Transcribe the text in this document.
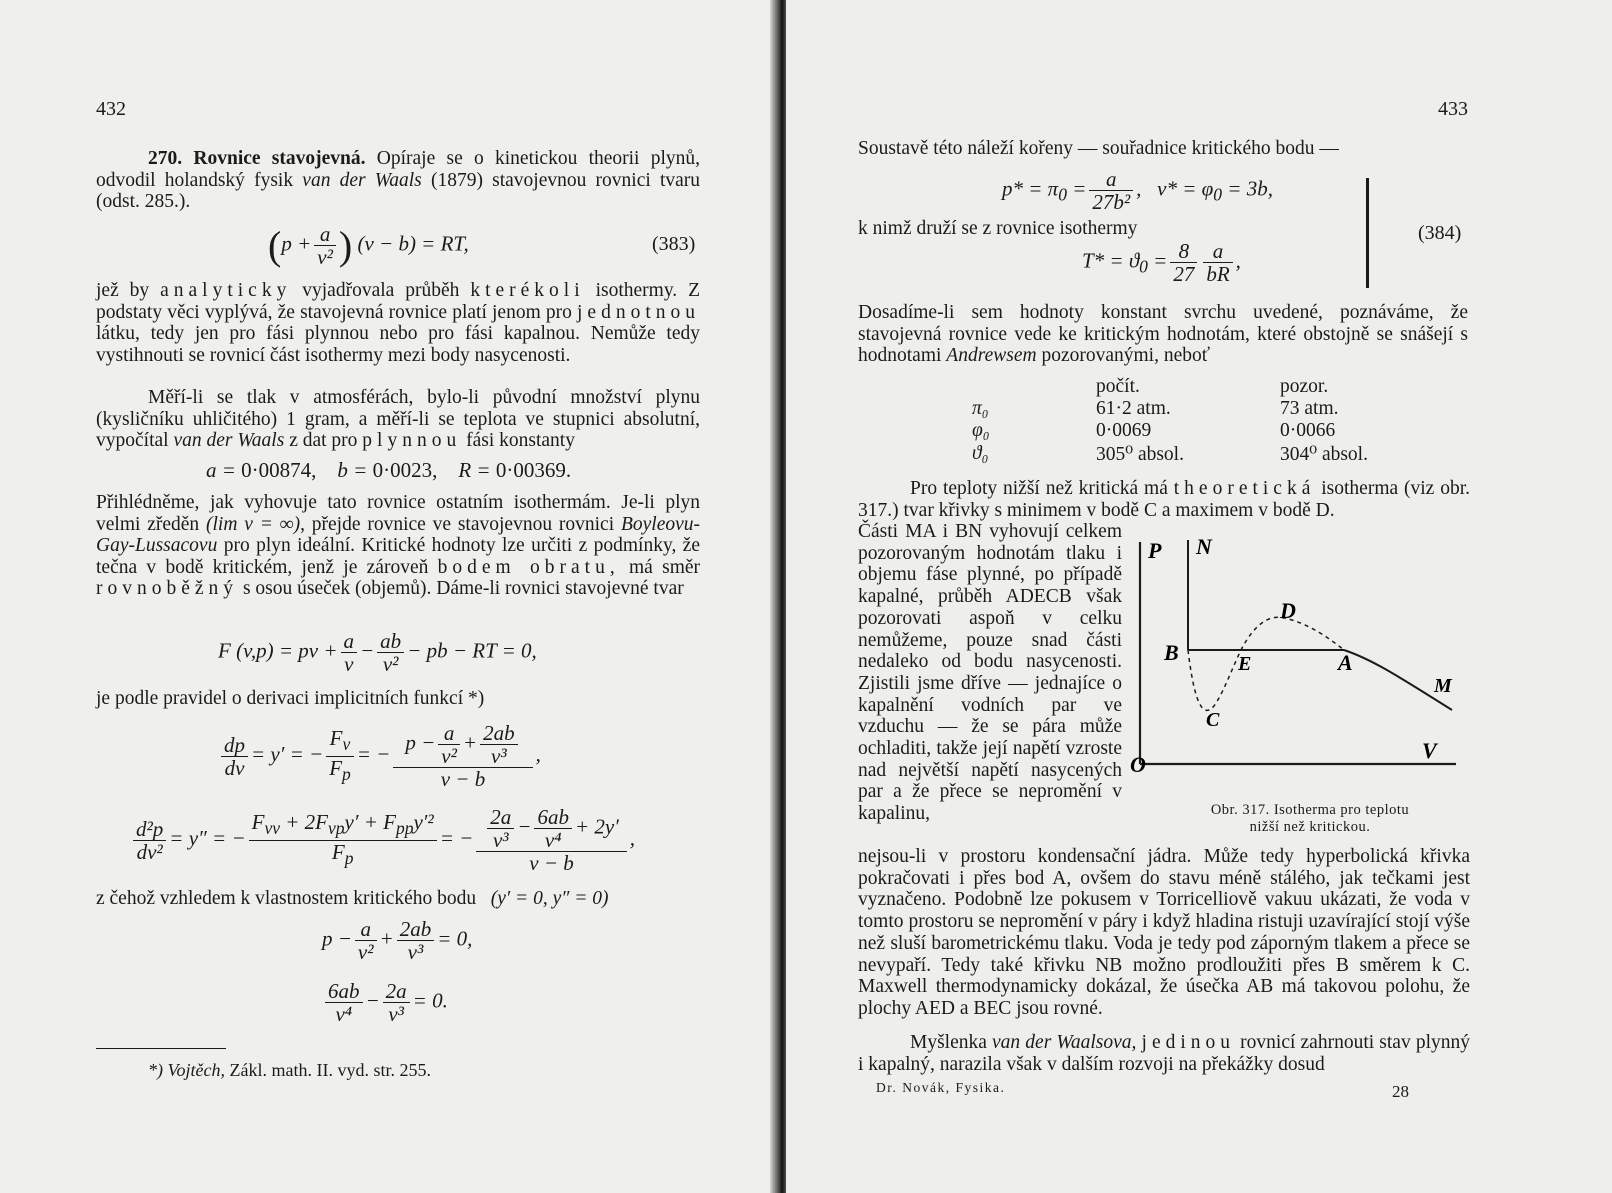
432

270. Rovnice stavojevná. Opíraje se o kinetickou theorii plynů, odvodil holandský fysik van der Waals (1879) stavojevnou rovnici tvaru (odst. 285.).

($p + \frac{a}{\text{v²}}$ ) (v − b) = RT,	(383)

jež by analyticky vyjadřovala průběh kterékoli isothermy. Z podstaty věci vyplývá, že stavojevná rovnice platí jenom pro jednotnou látku, tedy jen pro fási plynnou nebo pro fási kapalnou. Nemůže tedy vystihnouti se rovnicí část isothermy mezi body nasycenosti.

Měří-li se tlak v atmosférách, bylo-li původní množství plynu (kysličníku uhličitého) 1 gram, a měří-li se teplota ve stupnici absolutní, vypočítal van der Waals z dat pro plynnou fási konstanty

a = 0·00874,    b = 0·0023,    R = 0·00369.

Přihlédněme, jak vyhovuje tato rovnice ostatním isothermám. Je-li plyn velmi zředěn (lim v = ∞), přejde rovnice ve stavojevnou rovnici Boyleovu-Gay-Lussacovu pro plyn ideální. Kritické hodnoty lze určiti z podmínky, že tečna v bodě kritickém, jenž je zároveň bodem obratu, má směr rovnoběžný s osou úseček (objemů). Dáme-li rovnici stavojevné tvar

F (v,p) = pv + $\frac{a}{v} - \frac{ab}{\text{v²}}$ − pb − RT = 0,

je podle pravidel o derivaci implicitních funkcí *)

$\frac{dp}{dv} = y'$ = − $\frac{F_v}{F_p}$ = − $\frac{p - \frac{a}{\text{v²}} + \frac{2ab}{\text{v³}}}{v - b}$ ,
$\frac{\text{d²p}}{\text{dv²}} = y''$ = − $\frac{F_{vv} + 2F_{vp}y' + F_{pp}y'^2}{F_p}$ = − $\frac{\frac{2a}{\text{v³}} - \frac{6ab}{\text{v⁴}} + 2y'}{v - b}$ ,

z čehož vzhledem k vlastnostem kritického bodu (y′ = 0, y″ = 0)

$p - \frac{a}{\text{v²}} + \frac{2ab}{\text{v³}} = 0$,
$\frac{6ab}{\text{v⁴}} - \frac{2a}{\text{v³}} = 0$.
*) Vojtěch, Zákl. math. II. vyd. str. 255.
433

Soustavě této náleží kořeny — souřadnice kritického bodu —

$p* = \pi_0 = \frac{a}{\text{27b²}}$ ,   $v* = \varphi_0 = 3b$,

k nimž druží se z rovnice isothermy

$T* = ϑ_0 = \frac{8}{27} \frac{a}{bR}$ ,
(384)

Dosadíme-li sem hodnoty konstant svrchu uvedené, poznáváme, že stavojevná rovnice vede ke kritickým hodnotám, které obstojně se snášejí s hodnotami Andrewsem pozorovanými, neboť

	počít.	pozor.
π₀	61·2 atm.	73 atm.
φ₀	0·0069	0·0066
ϑ₀	305⁰ absol.	304⁰ absol.

Pro teploty nižší než kritická má theoretická isotherma (viz obr. 317.) tvar křivky s minimem v bodě C a maximem v bodě D.

Části MA i BN vyhovují celkem pozorovaným hodnotám tlaku i objemu fáse plynné, po případě kapalné, průběh ADECB však pozorovati aspoň v celku nemůžeme, pouze snad části nedaleko od bodu nasycenosti. Zjistili jsme dříve — jednajíce o kapalnění vodních par ve vzduchu — že se pára může ochladiti, takže její napětí vzroste nad největší napětí nasycených par a že přece se nepromění v kapalinu,

P N
D
B	E	A
M
C
O
V
Obr. 317. Isotherma pro teplotu
nižší než kritickou.

nejsou-li v prostoru kondensační jádra. Může tedy hyperbolická křivka pokračovati i přes bod A, ovšem do stavu méně stálého, jak tečkami jest vyznačeno. Podobně lze pokusem v Torricelliově vakuu ukázati, že voda v tomto prostoru se nepromění v páry i když hladina ristuji uzavírající stojí výše než sluší barometrickému tlaku. Voda je tedy pod záporným tlakem a přece se nevypaří. Tedy také křivku NB možno prodloužiti přes B směrem k C. Maxwell thermodynamicky dokázal, že úsečka AB má takovou polohu, že plochy AED a BEC jsou rovné.

Myšlenka van der Waalsova, jedinou rovnicí zahrnouti stav plynný i kapalný, narazila však v dalším rozvoji na překážky dosud

Dr. Novák, Fysika.	28
